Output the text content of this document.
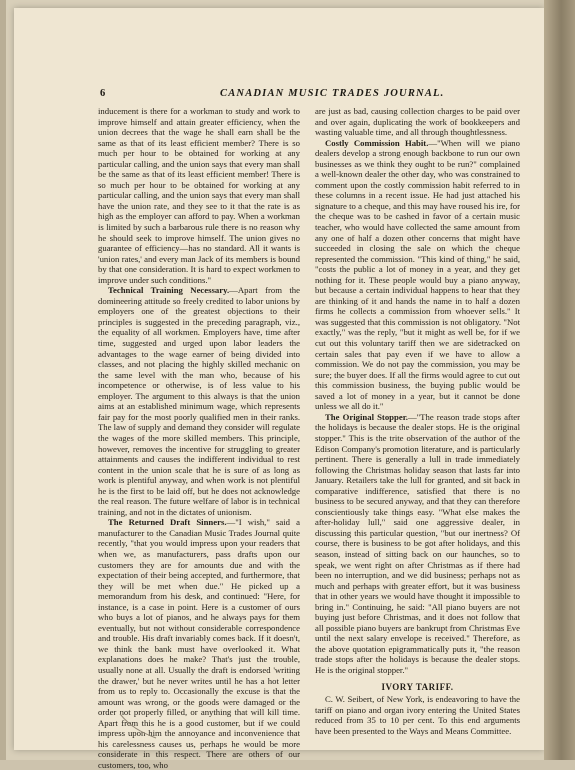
6	CANADIAN MUSIC TRADES JOURNAL.

inducement is there for a workman to study and work to improve himself and attain greater efficiency, when the union decrees that the wage he shall earn shall be the same as that of its least efficient member? There is so much per hour to be obtained for working at any particular calling, and the union says that every man shall be the same as that of its least efficient member! There is so much per hour to be obtained for working at any particular calling, and the union says that every man shall have the union rate, and they see to it that the rate is as high as the employer can afford to pay. When a workman is limited by such a barbarous rule there is no reason why he should seek to improve himself. The union gives no guarantee of efficiency—has no standard. All it wants is 'union rates,' and every man Jack of its members is bound by that one consideration. It is hard to expect workmen to improve under such conditions."

Technical Training Necessary.—Apart from the domineering attitude so freely credited to labor unions by employers one of the greatest objections to their principles is suggested in the preceding paragraph, viz., the equality of all workmen. Employers have, time after time, suggested and urged upon labor leaders the advantages to the wage earner of being divided into classes, and not placing the highly skilled mechanic on the same level with the man who, because of his incompetence or otherwise, is of less value to his employer. The argument to this always is that the union aims at an established minimum wage, which represents fair pay for the most poorly qualified men in their ranks. The law of supply and demand they consider will regulate the wages of the more skilled members. This principle, however, removes the incentive for struggling to greater attainments and causes the indifferent individual to rest content in the union scale that he is sure of as long as work is plentiful anyway, and when work is not plentiful he is the first to be laid off, but he does not acknowledge the real reason. The future welfare of labor is in technical training, and not in the dictates of unionism.

The Returned Draft Sinners.—"I wish," said a manufacturer to the Canadian Music Trades Journal quite recently, "that you would impress upon your readers that when we, as manufacturers, pass drafts upon our customers they are for amounts due and with the expectation of their being accepted, and furthermore, that they will be met when due." He picked up a memorandum from his desk, and continued: "Here, for instance, is a case in point. Here is a customer of ours who buys a lot of pianos, and he always pays for them eventually, but not without considerable correspondence and trouble. His draft invariably comes back. If it doesn't, we think the bank must have overlooked it. What explanations does he make? That's just the trouble, usually none at all. Usually the draft is endorsed 'writing the drawer,' but he never writes until he has a hot letter from us to reply to. Occasionally the excuse is that the amount was wrong, or the goods were damaged or the order not properly filled, or anything that will kill time. Apart from this he is a good customer, but if we could impress upon him the annoyance and inconvenience that his carelessness causes us, perhaps he would be more considerate in this respect. There are others of our customers, too, who

are just as bad, causing collection charges to be paid over and over again, duplicating the work of bookkeepers and wasting valuable time, and all through thoughtlessness.

Costly Commission Habit.—"When will we piano dealers develop a strong enough backbone to run our own businesses as we think they ought to be run?" complained a well-known dealer the other day, who was constrained to comment upon the costly commission habit referred to in these columns in a recent issue. He had just attached his signature to a cheque, and this may have roused his ire, for the cheque was to be cashed in favor of a certain music teacher, who would have collected the same amount from any one of half a dozen other concerns that might have succeeded in closing the sale on which the cheque represented the commission. "This kind of thing," he said, "costs the public a lot of money in a year, and they get nothing for it. These people would buy a piano anyway, but because a certain individual happens to hear that they are thinking of it and hands the name in to half a dozen firms he collects a commission from whoever sells." It was suggested that this commission is not obligatory. "Not exactly," was the reply, "but it might as well be, for if we cut out this voluntary tariff then we are sidetracked on certain sales that pay even if we have to allow a commission. We do not pay the commission, you may be sure; the buyer does. If all the firms would agree to cut out this commission business, the buying public would be saved a lot of money in a year, but it cannot be done unless we all do it."

The Original Stopper.—"The reason trade stops after the holidays is because the dealer stops. He is the original stopper." This is the trite observation of the author of the Edison Company's promotion literature, and is particularly pertinent. There is generally a lull in trade immediately following the Christmas holiday season that lasts far into January. Retailers take the lull for granted, and sit back in comparative indifference, satisfied that there is no business to be secured anyway, and that they can therefore conscientiously take things easy. "What else makes the after-holiday lull," said one aggressive dealer, in discussing this particular question, "but our inertness? Of course, there is business to be got after holidays, and this season, instead of sitting back on our haunches, so to speak, we went right on after Christmas as if there had been no interruption, and we did business; perhaps not as much and perhaps with greater effort, but it was business that in other years we would have thought it impossible to bring in." Continuing, he said: "All piano buyers are not buying just before Christmas, and it does not follow that all possible piano buyers are bankrupt from Christmas Eve until the next salary envelope is received." Therefore, as the above quotation epigrammatically puts it, "the reason trade stops after the holidays is because the dealer stops. He is the original stopper."

IVORY TARIFF.

C. W. Seibert, of New York, is endeavoring to have the tariff on piano and organ ivory entering the United States reduced from 35 to 10 per cent. To this end arguments have been presented to the Ways and Means Committee.
